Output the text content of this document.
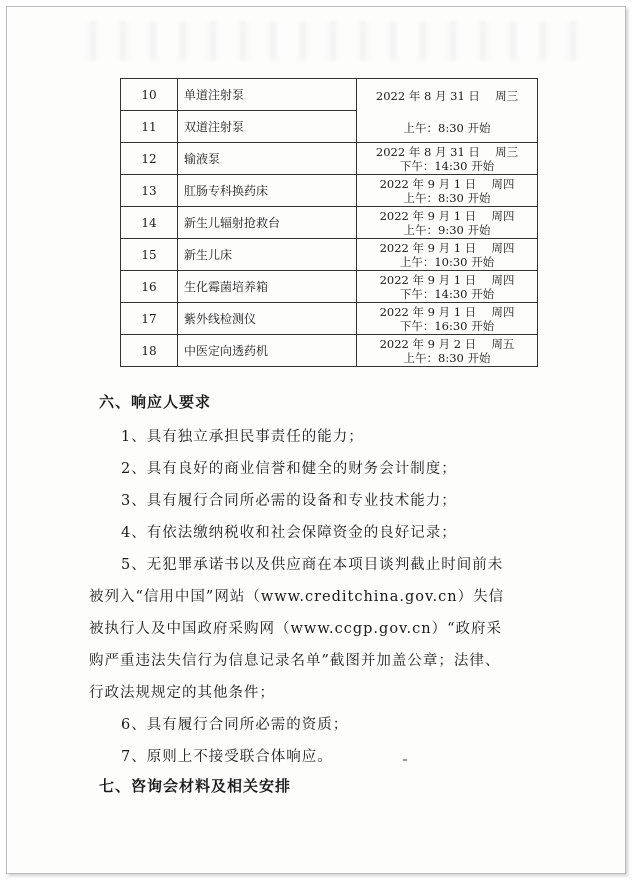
10	单道注射泵	2022 年 8 月 31 日　 周三
上午：8:30 开始

11	双道注射泵	
12	输液泵	2022 年 8 月 31 日　 周三
下午：14:30 开始

13	肛肠专科换药床	2022 年 9 月 1 日　 周四
上午：8:30 开始

14	新生儿辐射抢救台	2022 年 9 月 1 日　 周四
上午：9:30 开始

15	新生儿床	2022 年 9 月 1 日　 周四
上午：10:30 开始

16	生化霉菌培养箱	2022 年 9 月 1 日　 周四
下午：14:30 开始

17	紫外线检测仪	2022 年 9 月 1 日　 周四
下午：16:30 开始

18	中医定向透药机	2022 年 9 月 2 日　 周五
上午：8:30 开始
六、响应人要求
1、具有独立承担民事责任的能力；
2、具有良好的商业信誉和健全的财务会计制度；
3、具有履行合同所必需的设备和专业技术能力；
4、有依法缴纳税收和社会保障资金的良好记录；
5、无犯罪承诺书以及供应商在本项目谈判截止时间前未
被列入“信用中国”网站（www.creditchina.gov.cn）失信
被执行人及中国政府采购网（www.ccgp.gov.cn）“政府采
购严重违法失信行为信息记录名单”截图并加盖公章；法律、
行政法规规定的其他条件；
6、具有履行合同所必需的资质；
7、原则上不接受联合体响应。
七、咨询会材料及相关安排
